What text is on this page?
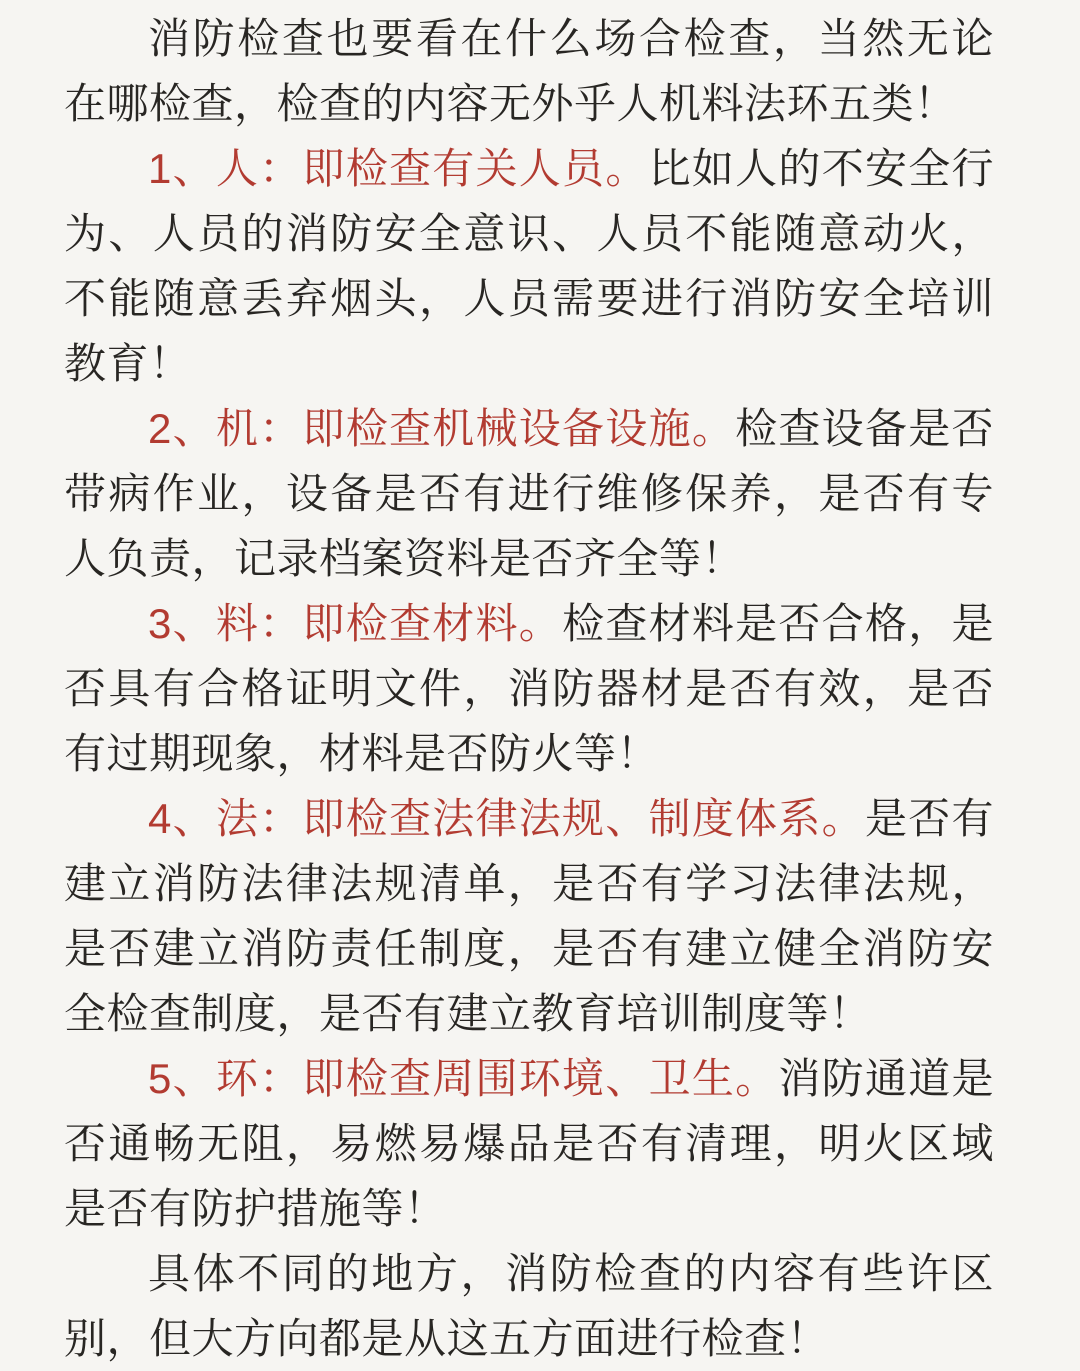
消防检查也要看在什么场合检查，当然无论在哪检查，检查的内容无外乎人机料法环五类！

1、人：即检查有关人员。比如人的不安全行为、人员的消防安全意识、人员不能随意动火，不能随意丢弃烟头，人员需要进行消防安全培训教育！

2、机：即检查机械设备设施。检查设备是否带病作业，设备是否有进行维修保养，是否有专人负责，记录档案资料是否齐全等！

3、料：即检查材料。检查材料是否合格，是否具有合格证明文件，消防器材是否有效，是否有过期现象，材料是否防火等！

4、法：即检查法律法规、制度体系。是否有建立消防法律法规清单，是否有学习法律法规，是否建立消防责任制度，是否有建立健全消防安全检查制度，是否有建立教育培训制度等！

5、环：即检查周围环境、卫生。消防通道是否通畅无阻，易燃易爆品是否有清理，明火区域是否有防护措施等！

具体不同的地方，消防检查的内容有些许区别，但大方向都是从这五方面进行检查！
